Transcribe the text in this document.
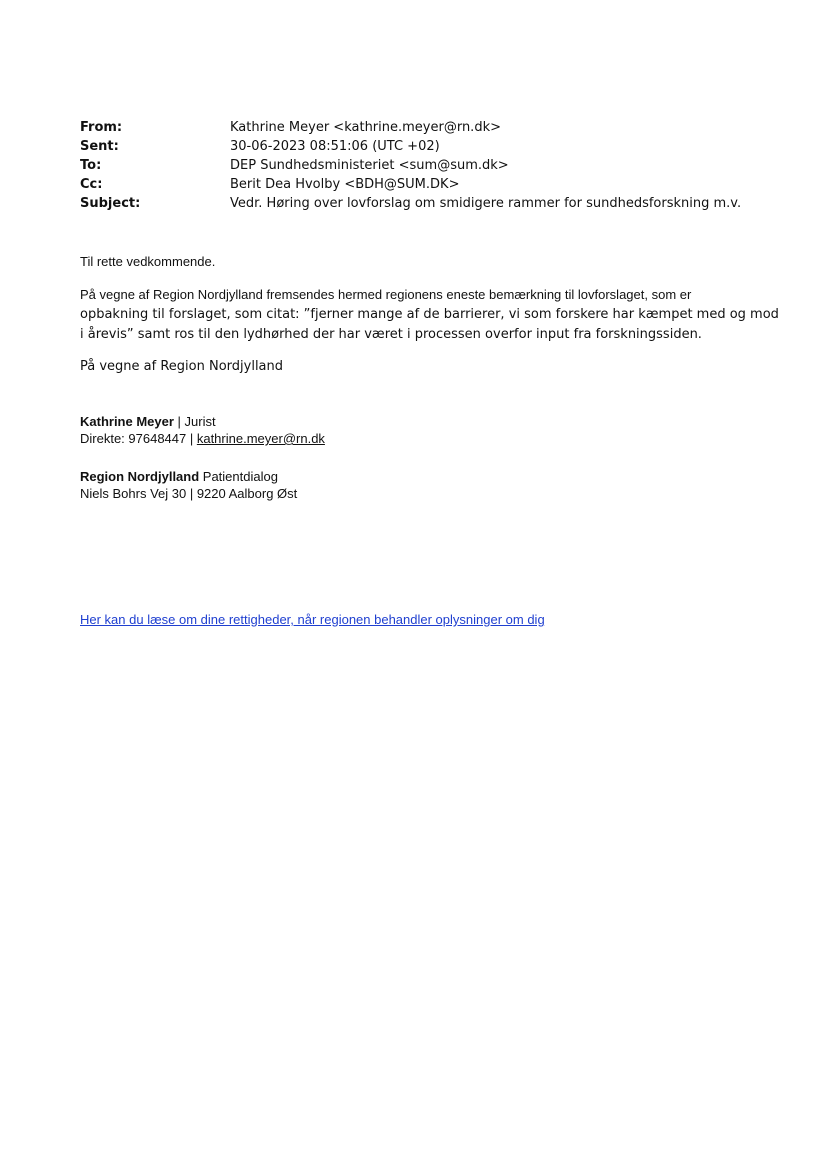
From:	Kathrine Meyer <kathrine.meyer@rn.dk>
Sent:	30-06-2023 08:51:06 (UTC +02)
To:	DEP Sundhedsministeriet <sum@sum.dk>
Cc:	Berit Dea Hvolby <BDH@SUM.DK>
Subject:	Vedr. Høring over lovforslag om smidigere rammer for sundhedsforskning m.v.
Til rette vedkommende.
På vegne af Region Nordjylland fremsendes hermed regionens eneste bemærkning til lovforslaget, som er
opbakning til forslaget, som citat: ”fjerner mange af de barrierer, vi som forskere har kæmpet med og mod
i årevis” samt ros til den lydhørhed der har været i processen overfor input fra forskningssiden.
På vegne af Region Nordjylland
Kathrine Meyer | Jurist
Direkte: 97648447 | kathrine.meyer@rn.dk
Region Nordjylland Patientdialog
Niels Bohrs Vej 30 | 9220 Aalborg Øst
Her kan du læse om dine rettigheder, når regionen behandler oplysninger om dig
